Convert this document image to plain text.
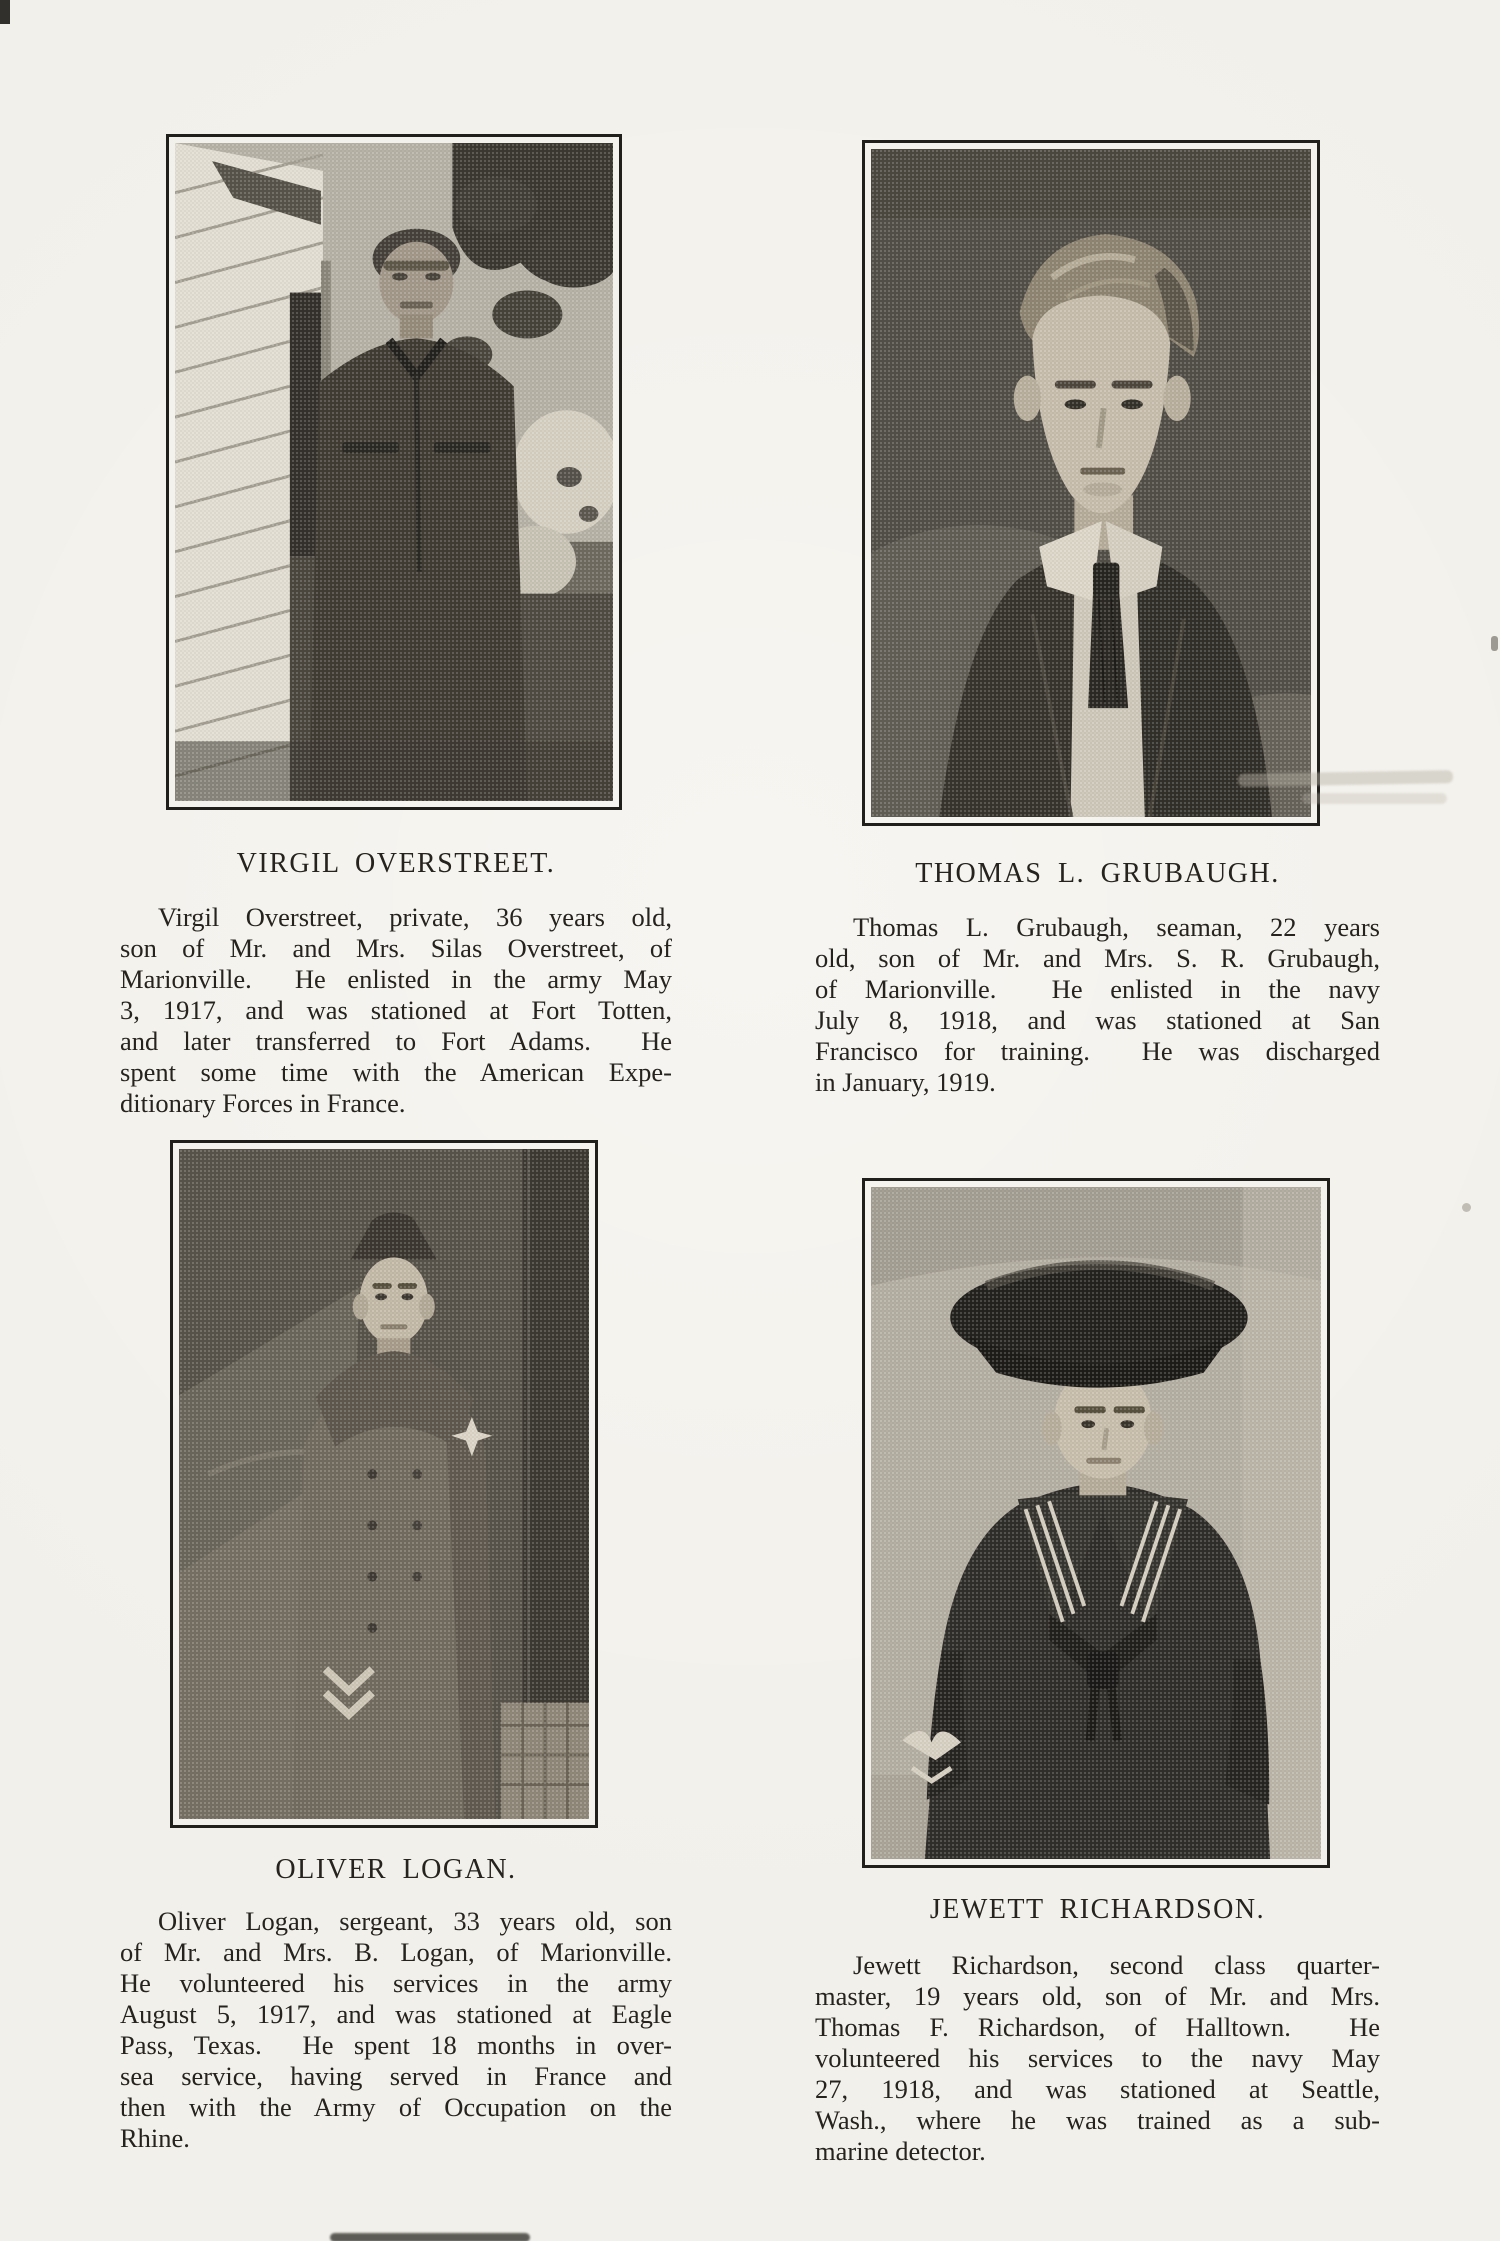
VIRGIL OVERSTREET.
Virgil Overstreet, private, 36 years old,
son of Mr. and Mrs. Silas Overstreet, of
Marionville.  He enlisted in the army May
3, 1917, and was stationed at Fort Totten,
and later transferred to Fort Adams.  He
spent some time with the American Expe-
ditionary Forces in France.
THOMAS L. GRUBAUGH.
Thomas L. Grubaugh, seaman, 22 years
old, son of Mr. and Mrs. S. R. Grubaugh,
of Marionville.  He enlisted in the navy
July 8, 1918, and was stationed at San
Francisco for training.  He was discharged
in January, 1919.
OLIVER LOGAN.
Oliver Logan, sergeant, 33 years old, son
of Mr. and Mrs. B. Logan, of Marionville.
He volunteered his services in the army
August 5, 1917, and was stationed at Eagle
Pass, Texas.  He spent 18 months in over-
sea service, having served in France and
then with the Army of Occupation on the
Rhine.
JEWETT RICHARDSON.
Jewett Richardson, second class quarter-
master, 19 years old, son of Mr. and Mrs.
Thomas F. Richardson, of Halltown.  He
volunteered his services to the navy May
27, 1918, and was stationed at Seattle,
Wash., where he was trained as a sub-
marine detector.
